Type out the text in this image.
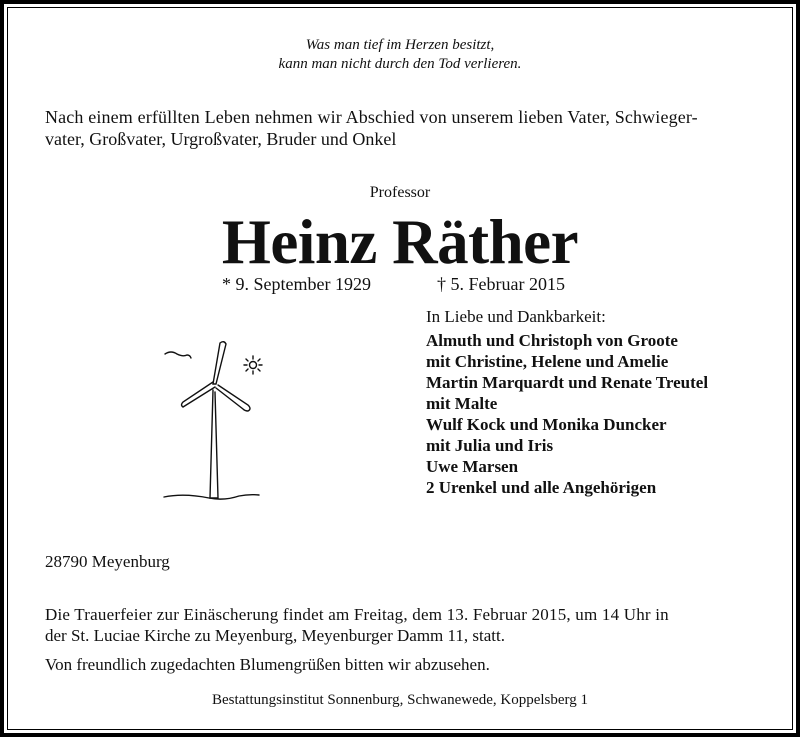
Was man tief im Herzen besitzt,
kann man nicht durch den Tod verlieren.
Nach einem erfüllten Leben nehmen wir Abschied von unserem lieben Vater, Schwieger-
vater, Großvater, Urgroßvater, Bruder und Onkel
Professor
Heinz Räther
* 9. September 1929	† 5. Februar 2015
In Liebe und Dankbarkeit:
Almuth und Christoph von Groote
mit Christine, Helene und Amelie
Martin Marquardt und Renate Treutel
mit Malte
Wulf Kock und Monika Duncker
mit Julia und Iris
Uwe Marsen
2 Urenkel und alle Angehörigen
28790 Meyenburg
Die Trauerfeier zur Einäscherung findet am Freitag, dem 13. Februar 2015, um 14 Uhr in
der St. Luciae Kirche zu Meyenburg, Meyenburger Damm 11, statt.
Von freundlich zugedachten Blumengrüßen bitten wir abzusehen.
Bestattungsinstitut Sonnenburg, Schwanewede, Koppelsberg 1
